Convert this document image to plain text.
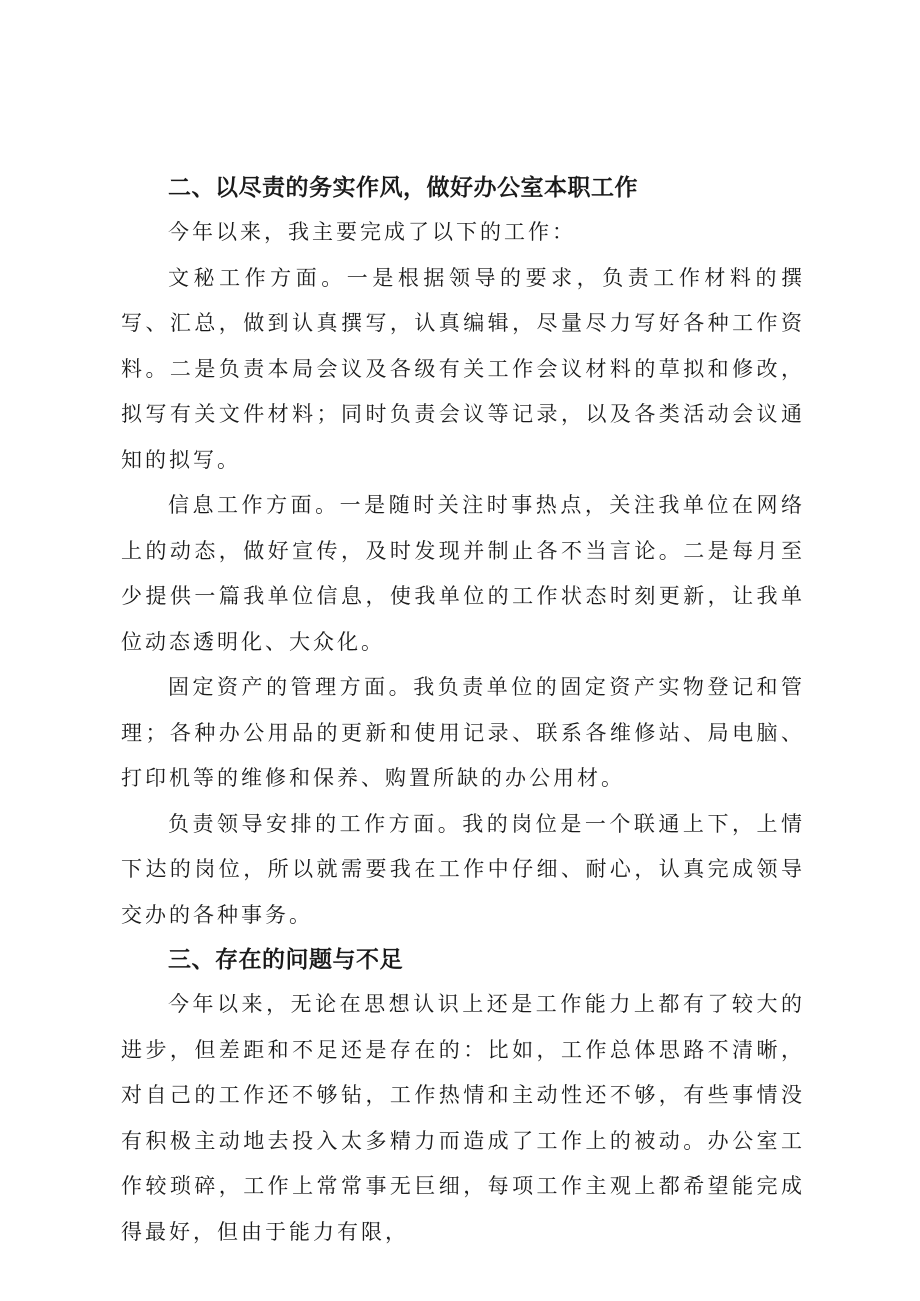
二、以尽责的务实作风，做好办公室本职工作

今年以来，我主要完成了以下的工作：

文秘工作方面。一是根据领导的要求，负责工作材料的撰写、汇总，做到认真撰写，认真编辑，尽量尽力写好各种工作资料。二是负责本局会议及各级有关工作会议材料的草拟和修改，拟写有关文件材料；同时负责会议等记录，以及各类活动会议通知的拟写。

信息工作方面。一是随时关注时事热点，关注我单位在网络上的动态，做好宣传，及时发现并制止各不当言论。二是每月至少提供一篇我单位信息，使我单位的工作状态时刻更新，让我单位动态透明化、大众化。

固定资产的管理方面。我负责单位的固定资产实物登记和管理；各种办公用品的更新和使用记录、联系各维修站、局电脑、打印机等的维修和保养、购置所缺的办公用材。

负责领导安排的工作方面。我的岗位是一个联通上下，上情下达的岗位，所以就需要我在工作中仔细、耐心，认真完成领导交办的各种事务。

三、存在的问题与不足

今年以来，无论在思想认识上还是工作能力上都有了较大的进步，但差距和不足还是存在的：比如，工作总体思路不清晰，对自己的工作还不够钻，工作热情和主动性还不够，有些事情没有积极主动地去投入太多精力而造成了工作上的被动。办公室工作较琐碎，工作上常常事无巨细，每项工作主观上都希望能完成得最好，但由于能力有限，
